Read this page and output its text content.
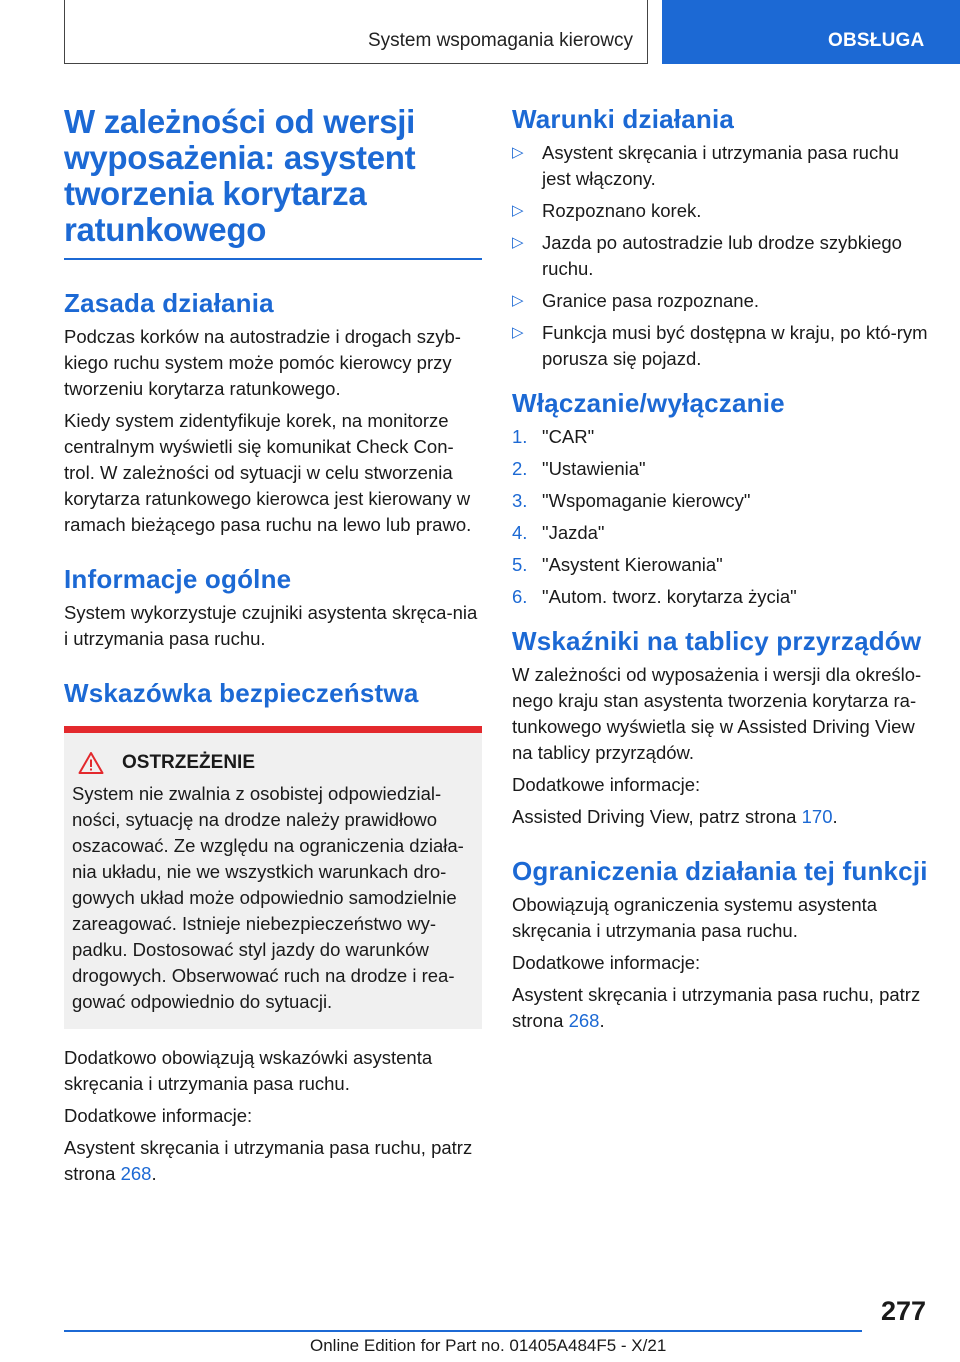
System wspomagania kierowcy	OBSŁUGA
W zależności od wersji wyposażenia: asystent tworzenia korytarza ratunkowego
Zasada działania

Podczas korków na autostradzie i drogach szyb‐kiego ruchu system może pomóc kierowcy przy tworzeniu korytarza ratunkowego.

Kiedy system zidentyfikuje korek, na monitorze centralnym wyświetli się komunikat Check Con‐trol. W zależności od sytuacji w celu stworzenia korytarza ratunkowego kierowca jest kierowany w ramach bieżącego pasa ruchu na lewo lub prawo.

Informacje ogólne

System wykorzystuje czujniki asystenta skręca‐nia i utrzymania pasa ruchu.

Wskazówka bezpieczeństwa
OSTRZEŻENIE

System nie zwalnia z osobistej odpowiedzial‐ności, sytuację na drodze należy prawidłowo oszacować. Ze względu na ograniczenia działa‐nia układu, nie we wszystkich warunkach dro‐gowych układ może odpowiednio samodzielnie zareagować. Istnieje niebezpieczeństwo wy‐padku. Dostosować styl jazdy do warunków drogowych. Obserwować ruch na drodze i rea‐gować odpowiednio do sytuacji.

Dodatkowo obowiązują wskazówki asystenta skręcania i utrzymania pasa ruchu.

Dodatkowe informacje:

Asystent skręcania i utrzymania pasa ruchu, patrz strona 268.

Warunki działania
▷ Asystent skręcania i utrzymania pasa ruchu jest włączony.
▷ Rozpoznano korek.
▷ Jazda po autostradzie lub drodze szybkiego ruchu.
▷ Granice pasa rozpoznane.
▷ Funkcja musi być dostępna w kraju, po któ‐rym porusza się pojazd.
Włączanie/wyłączanie
1. "CAR"
2. "Ustawienia"
3. "Wspomaganie kierowcy"
4. "Jazda"
5. "Asystent Kierowania"
6. "Autom. tworz. korytarza życia"
Wskaźniki na tablicy przyrządów

W zależności od wyposażenia i wersji dla określo‐nego kraju stan asystenta tworzenia korytarza ra‐tunkowego wyświetla się w Assisted Driving View na tablicy przyrządów.

Dodatkowe informacje:

Assisted Driving View, patrz strona 170.

Ograniczenia działania tej funkcji

Obowiązują ograniczenia systemu asystenta skręcania i utrzymania pasa ruchu.

Dodatkowe informacje:

Asystent skręcania i utrzymania pasa ruchu, patrz strona 268.

277
Online Edition for Part no. 01405A484F5 - X/21
